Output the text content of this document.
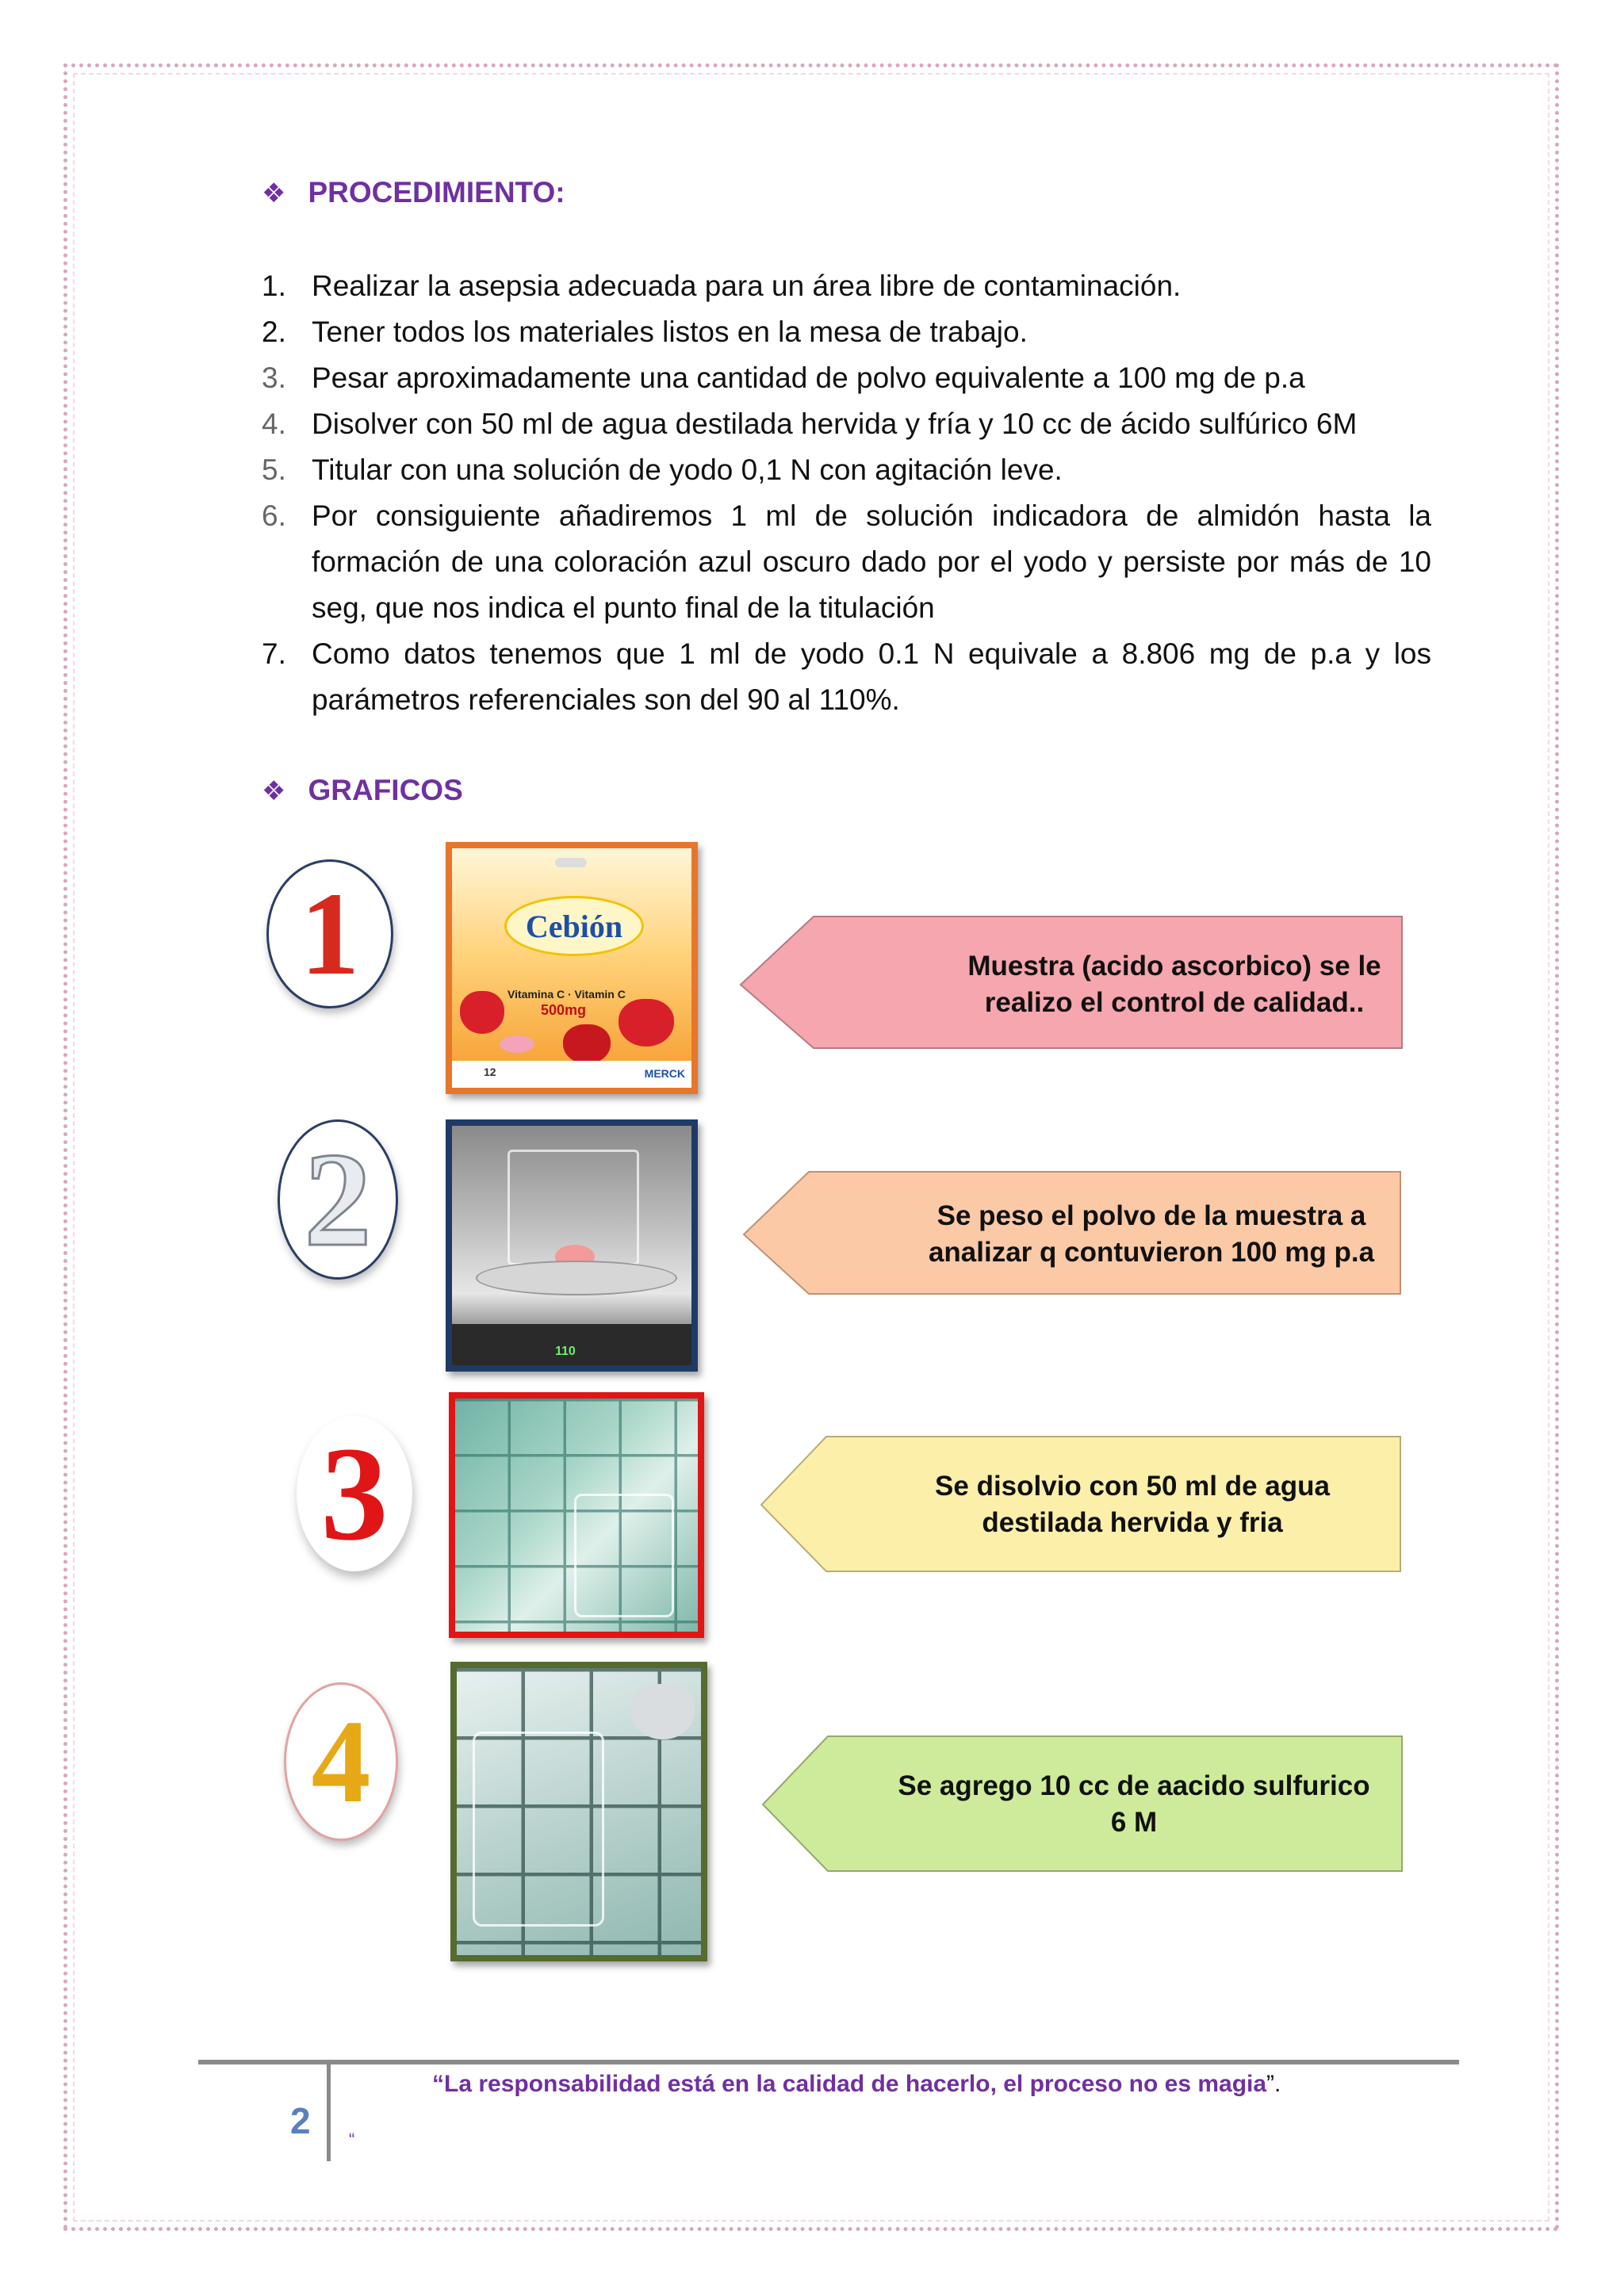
❖ PROCEDIMIENTO:
1. Realizar la asepsia adecuada para un área libre de contaminación.
2. Tener todos los materiales listos en la mesa de trabajo.
3. Pesar aproximadamente una cantidad de polvo equivalente a 100 mg de p.a
4. Disolver con 50 ml de agua destilada hervida y fría y 10 cc de ácido sulfúrico 6M
5. Titular con una solución de yodo 0,1 N con agitación leve.
6. Por consiguiente añadiremos 1 ml de solución indicadora de almidón hasta la formación de una coloración azul oscuro dado por el yodo y persiste por más de 10 seg, que nos indica el punto final de la titulación
7. Como datos tenemos que 1 ml de yodo 0.1 N equivale a 8.806 mg de p.a y los parámetros referenciales son del 90 al 110%.
❖ GRAFICOS
1	Cebión
Vitamina C · Vitamin C
500mg
12	MERCK
Muestra (acido ascorbico) se le realizo el control de calidad..
2
110
Se peso el polvo de la muestra a analizar q contuvieron 100 mg p.a
3	Se disolvio con 50 ml de agua destilada hervida y fria
4	Se agrego 10 cc de aacido sulfurico 6 M
2
“La responsabilidad está en la calidad de hacerlo, el proceso no es magia”.
“
